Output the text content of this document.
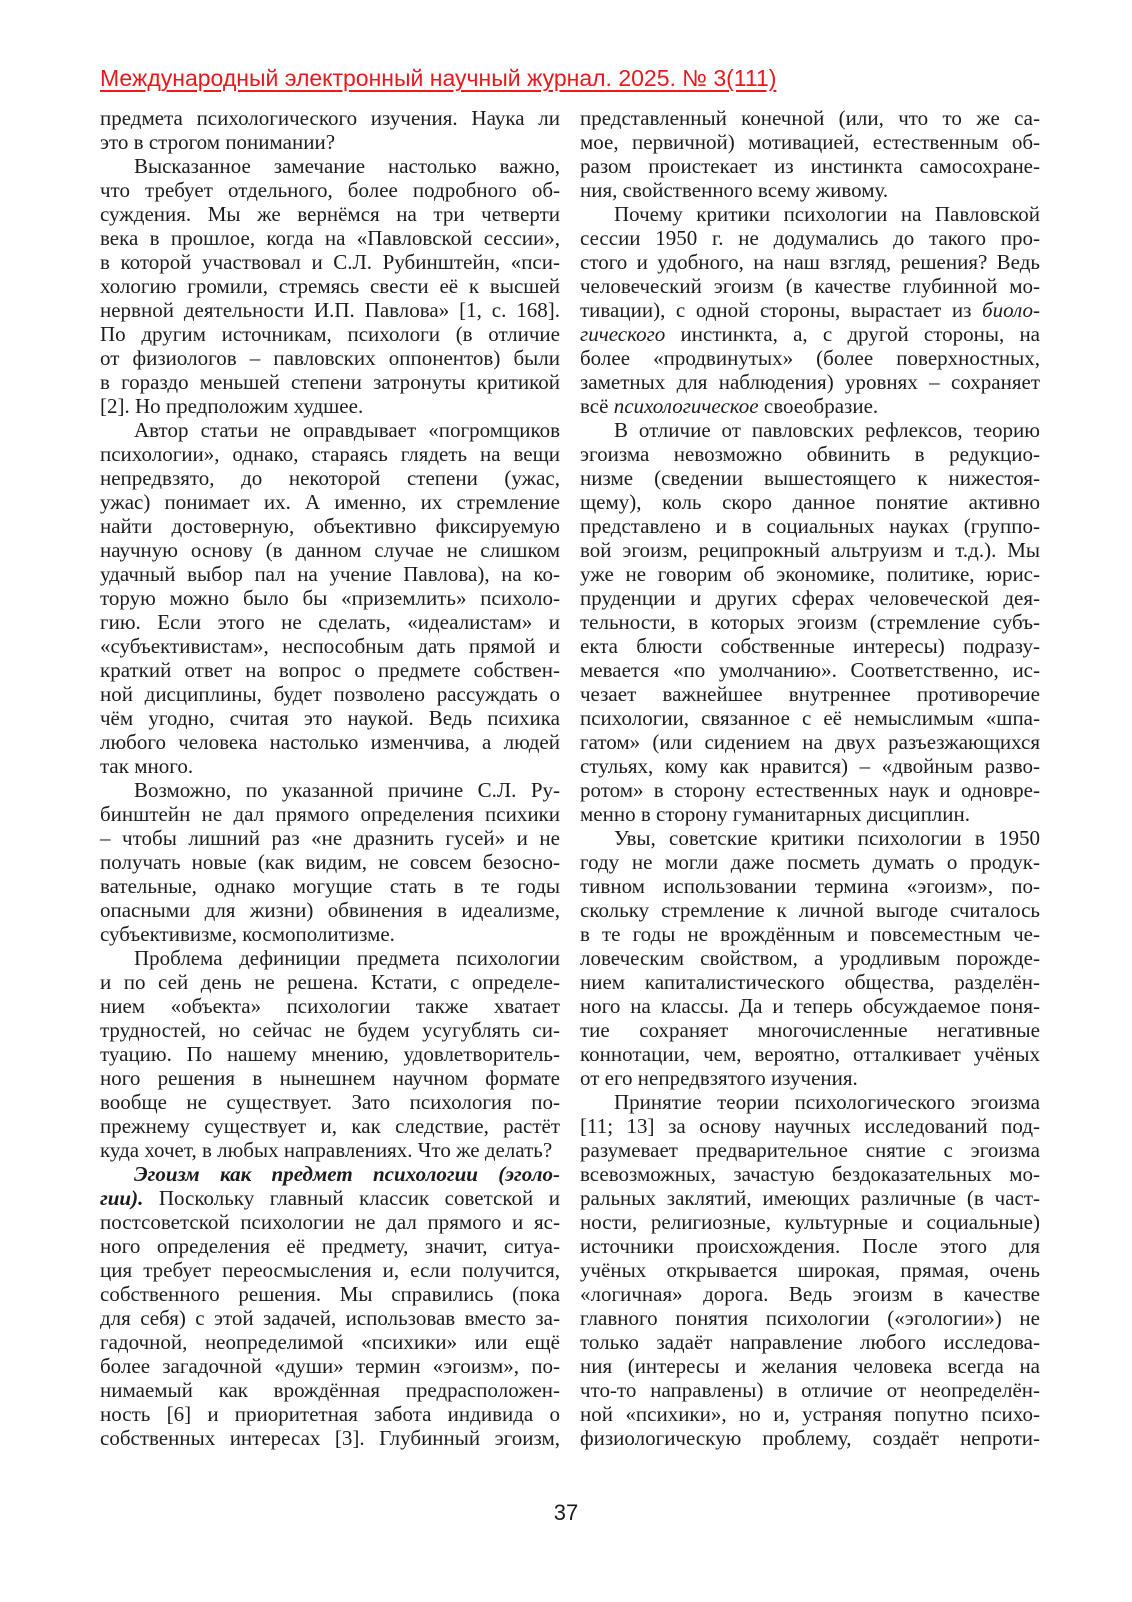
Международный электронный научный журнал. 2025. № 3(111)
предмета психологического изучения. Наука ли
это в строгом понимании?
Высказанное замечание настолько важно,
что требует отдельного, более подробного об-
суждения. Мы же вернёмся на три четверти
века в прошлое, когда на «Павловской сессии»,
в которой участвовал и С.Л. Рубинштейн, «пси-
хологию громили, стремясь свести её к высшей
нервной деятельности И.П. Павлова» [1, с. 168].
По другим источникам, психологи (в отличие
от физиологов – павловских оппонентов) были
в гораздо меньшей степени затронуты критикой
[2]. Но предположим худшее.
Автор статьи не оправдывает «погромщиков
психологии», однако, стараясь глядеть на вещи
непредвзято, до некоторой степени (ужас,
ужас) понимает их. А именно, их стремление
найти достоверную, объективно фиксируемую
научную основу (в данном случае не слишком
удачный выбор пал на учение Павлова), на ко-
торую можно было бы «приземлить» психоло-
гию. Если этого не сделать, «идеалистам» и
«субъективистам», неспособным дать прямой и
краткий ответ на вопрос о предмете собствен-
ной дисциплины, будет позволено рассуждать о
чём угодно, считая это наукой. Ведь психика
любого человека настолько изменчива, а людей
так много.
Возможно, по указанной причине С.Л. Ру-
бинштейн не дал прямого определения психики
– чтобы лишний раз «не дразнить гусей» и не
получать новые (как видим, не совсем безосно-
вательные, однако могущие стать в те годы
опасными для жизни) обвинения в идеализме,
субъективизме, космополитизме.
Проблема дефиниции предмета психологии
и по сей день не решена. Кстати, с определе-
нием «объекта» психологии также хватает
трудностей, но сейчас не будем усугублять си-
туацию. По нашему мнению, удовлетворитель-
ного решения в нынешнем научном формате
вообще не существует. Зато психология по-
прежнему существует и, как следствие, растёт
куда хочет, в любых направлениях. Что же делать?
Эгоизм как предмет психологии (эголо-
гии). Поскольку главный классик советской и
постсоветской психологии не дал прямого и яс-
ного определения её предмету, значит, ситуа-
ция требует переосмысления и, если получится,
собственного решения. Мы справились (пока
для себя) с этой задачей, использовав вместо за-
гадочной, неопределимой «психики» или ещё
более загадочной «души» термин «эгоизм», по-
нимаемый как врождённая предрасположен-
ность [6] и приоритетная забота индивида о
собственных интересах [3]. Глубинный эгоизм,
представленный конечной (или, что то же са-
мое, первичной) мотивацией, естественным об-
разом проистекает из инстинкта самосохране-
ния, свойственного всему живому.
Почему критики психологии на Павловской
сессии 1950 г. не додумались до такого про-
стого и удобного, на наш взгляд, решения? Ведь
человеческий эгоизм (в качестве глубинной мо-
тивации), с одной стороны, вырастает из биоло-
гического инстинкта, а, с другой стороны, на
более «продвинутых» (более поверхностных,
заметных для наблюдения) уровнях – сохраняет
всё психологическое своеобразие.
В отличие от павловских рефлексов, теорию
эгоизма невозможно обвинить в редукцио-
низме (сведении вышестоящего к нижестоя-
щему), коль скоро данное понятие активно
представлено и в социальных науках (группо-
вой эгоизм, реципрокный альтруизм и т.д.). Мы
уже не говорим об экономике, политике, юрис-
пруденции и других сферах человеческой дея-
тельности, в которых эгоизм (стремление субъ-
екта блюсти собственные интересы) подразу-
мевается «по умолчанию». Соответственно, ис-
чезает важнейшее внутреннее противоречие
психологии, связанное с её немыслимым «шпа-
гатом» (или сидением на двух разъезжающихся
стульях, кому как нравится) – «двойным разво-
ротом» в сторону естественных наук и одновре-
менно в сторону гуманитарных дисциплин.
Увы, советские критики психологии в 1950
году не могли даже посметь думать о продук-
тивном использовании термина «эгоизм», по-
скольку стремление к личной выгоде считалось
в те годы не врождённым и повсеместным че-
ловеческим свойством, а уродливым порожде-
нием капиталистического общества, разделён-
ного на классы. Да и теперь обсуждаемое поня-
тие сохраняет многочисленные негативные
коннотации, чем, вероятно, отталкивает учёных
от его непредвзятого изучения.
Принятие теории психологического эгоизма
[11; 13] за основу научных исследований под-
разумевает предварительное снятие с эгоизма
всевозможных, зачастую бездоказательных мо-
ральных заклятий, имеющих различные (в част-
ности, религиозные, культурные и социальные)
источники происхождения. После этого для
учёных открывается широкая, прямая, очень
«логичная» дорога. Ведь эгоизм в качестве
главного понятия психологии («эгологии») не
только задаёт направление любого исследова-
ния (интересы и желания человека всегда на
что-то направлены) в отличие от неопределён-
ной «психики», но и, устраняя попутно психо-
физиологическую проблему, создаёт непроти-
37
